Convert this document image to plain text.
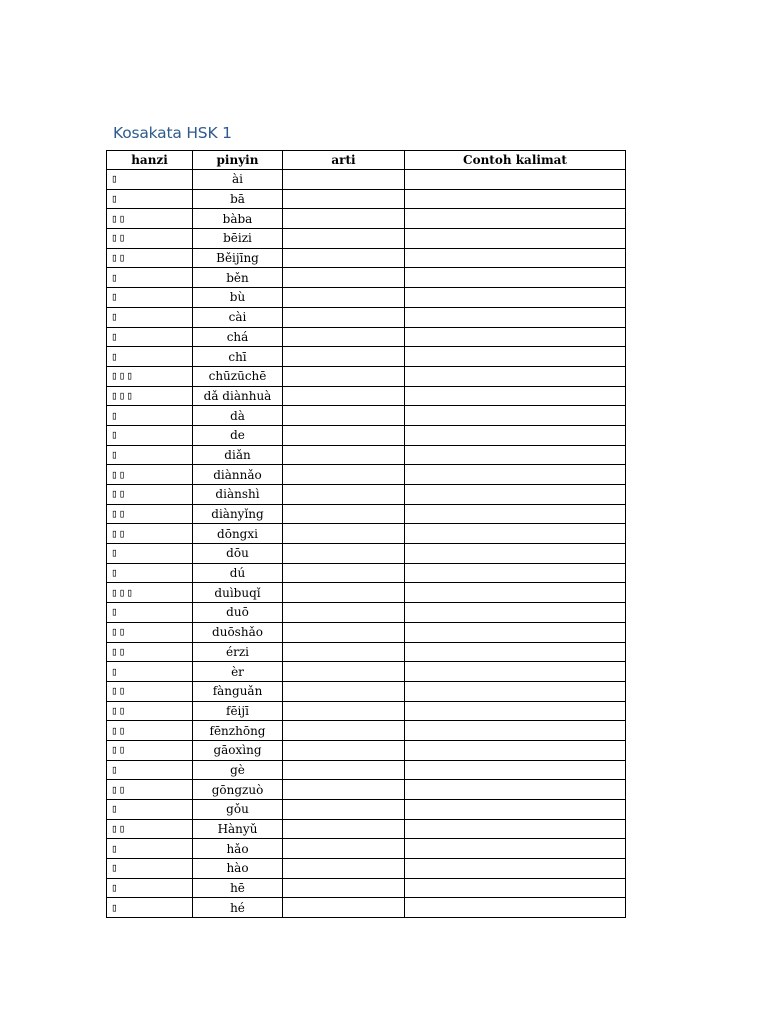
Kosakata HSK 1
hanzi	pinyin	arti	Contoh kalimat
▯	ài		
▯	bā		
▯▯	bàba		
▯▯	bēizi		
▯▯	Běijīng		
▯	běn		
▯	bù		
▯	cài		
▯	chá		
▯	chī		
▯▯▯	chūzūchē		
▯▯▯	dǎ diànhuà		
▯	dà		
▯	de		
▯	diǎn		
▯▯	diànnǎo		
▯▯	diànshì		
▯▯	diànyǐng		
▯▯	dōngxi		
▯	dōu		
▯	dú		
▯▯▯	duìbuqǐ		
▯	duō		
▯▯	duōshǎo		
▯▯	érzi		
▯	èr		
▯▯	fànguǎn		
▯▯	fēijī		
▯▯	fēnzhōng		
▯▯	gāoxìng		
▯	gè		
▯▯	gōngzuò		
▯	gǒu		
▯▯	Hànyǔ		
▯	hǎo		
▯	hào		
▯	hē		
▯	hé		
